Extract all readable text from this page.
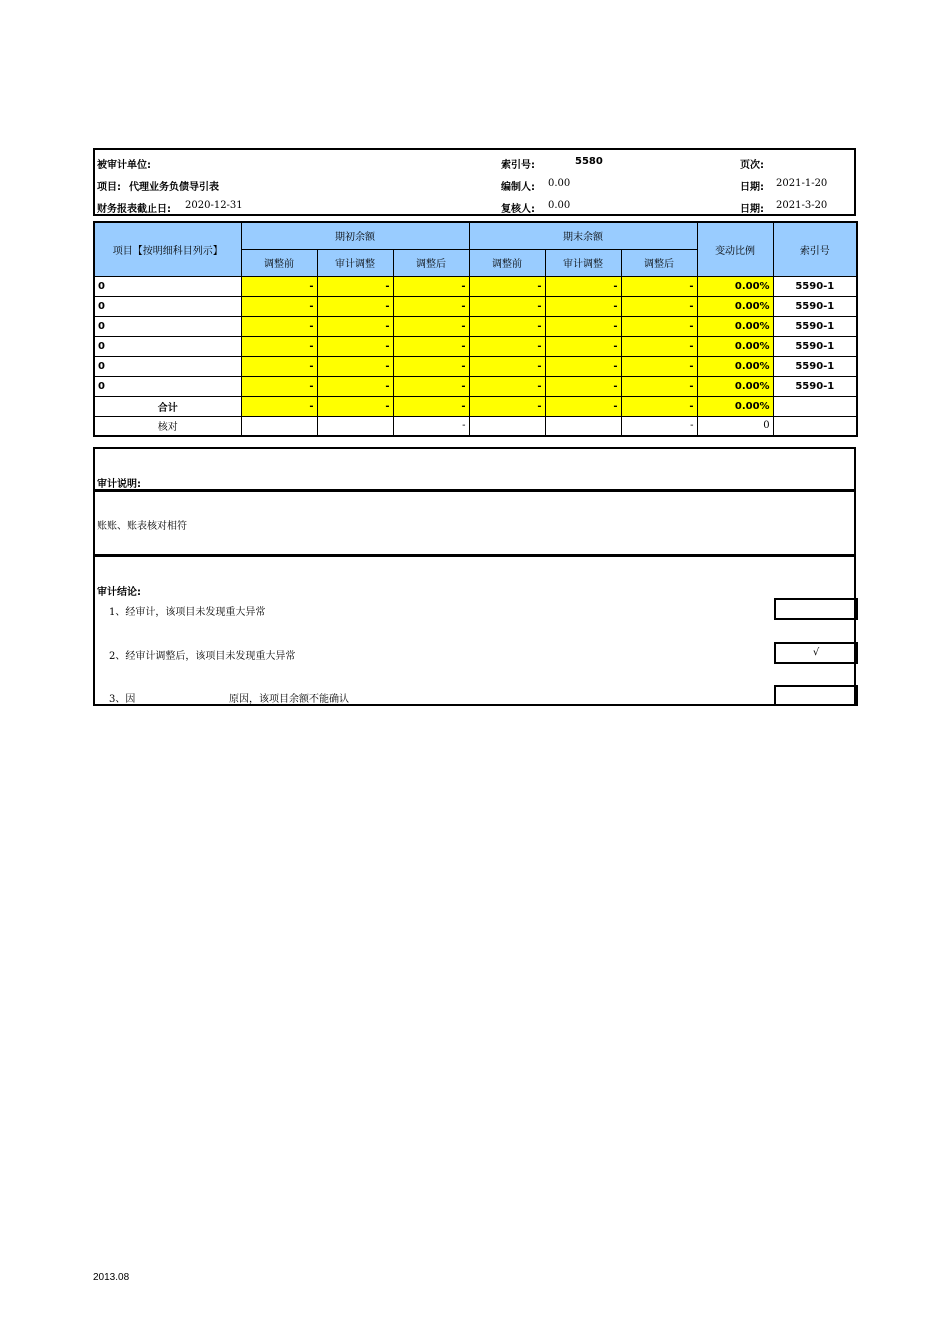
被审计单位:	索引号:	5580	页次:
项目: 代理业务负债导引表	编制人: 0.00	日期: 2021-1-20
财务报表截止日: 2020-12-31	复核人: 0.00	日期: 2021-3-20
项目【按明细科目列示】	期初余额			期末余额			变动比例	索引号
	调整前	审计调整	调整后	调整前	审计调整	调整后		
0	-	-	-	-	-	-	0.00%	5590-1
0	-	-	-	-	-	-	0.00%	5590-1
0	-	-	-	-	-	-	0.00%	5590-1
0	-	-	-	-	-	-	0.00%	5590-1
0	-	-	-	-	-	-	0.00%	5590-1
0	-	-	-	-	-	-	0.00%	5590-1
合计	-	-	-	-	-	-	0.00%	
核对			-			-	0	
审计说明:
账账、账表核对相符
审计结论:
1、经审计，该项目未发现重大异常
2、经审计调整后，该项目未发现重大异常	√
3、因	原因，该项目余额不能确认
2013.08
